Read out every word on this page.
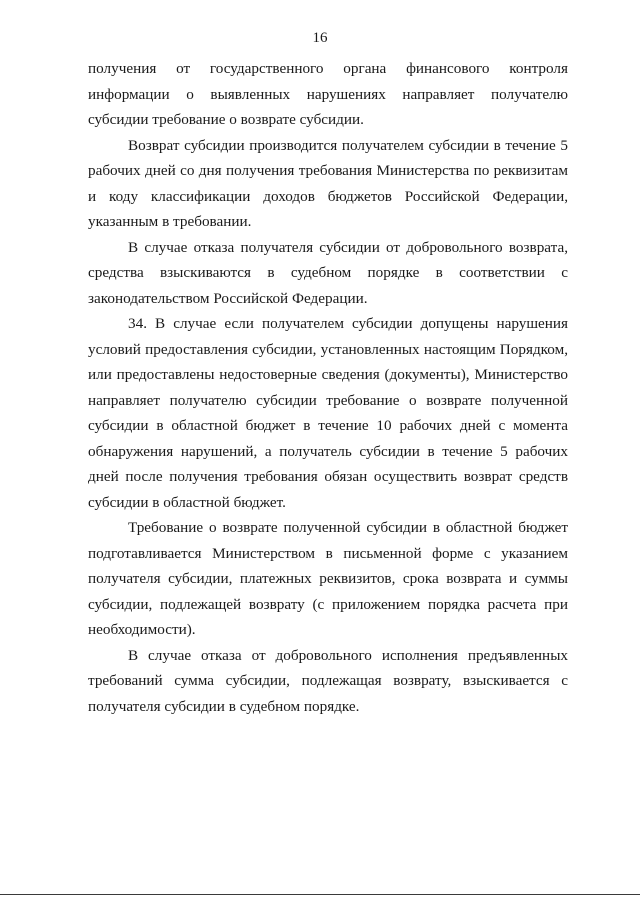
16

получения от государственного органа финансового контроля информации о выявленных нарушениях направляет получателю субсидии требование о возврате субсидии.

Возврат субсидии производится получателем субсидии в течение 5 рабочих дней со дня получения требования Министерства по реквизитам и коду классификации доходов бюджетов Российской Федерации, указанным в требовании.

В случае отказа получателя субсидии от добровольного возврата, средства взыскиваются в судебном порядке в соответствии с законодательством Российской Федерации.

34. В случае если получателем субсидии допущены нарушения условий предоставления субсидии, установленных настоящим Порядком, или предоставлены недостоверные сведения (документы), Министерство направляет получателю субсидии требование о возврате полученной субсидии в областной бюджет в течение 10 рабочих дней с момента обнаружения нарушений, а получатель субсидии в течение 5 рабочих дней после получения требования обязан осуществить возврат средств субсидии в областной бюджет.

Требование о возврате полученной субсидии в областной бюджет подготавливается Министерством в письменной форме с указанием получателя субсидии, платежных реквизитов, срока возврата и суммы субсидии, подлежащей возврату (с приложением порядка расчета при необходимости).

В случае отказа от добровольного исполнения предъявленных требований сумма субсидии, подлежащая возврату, взыскивается с получателя субсидии в судебном порядке.
